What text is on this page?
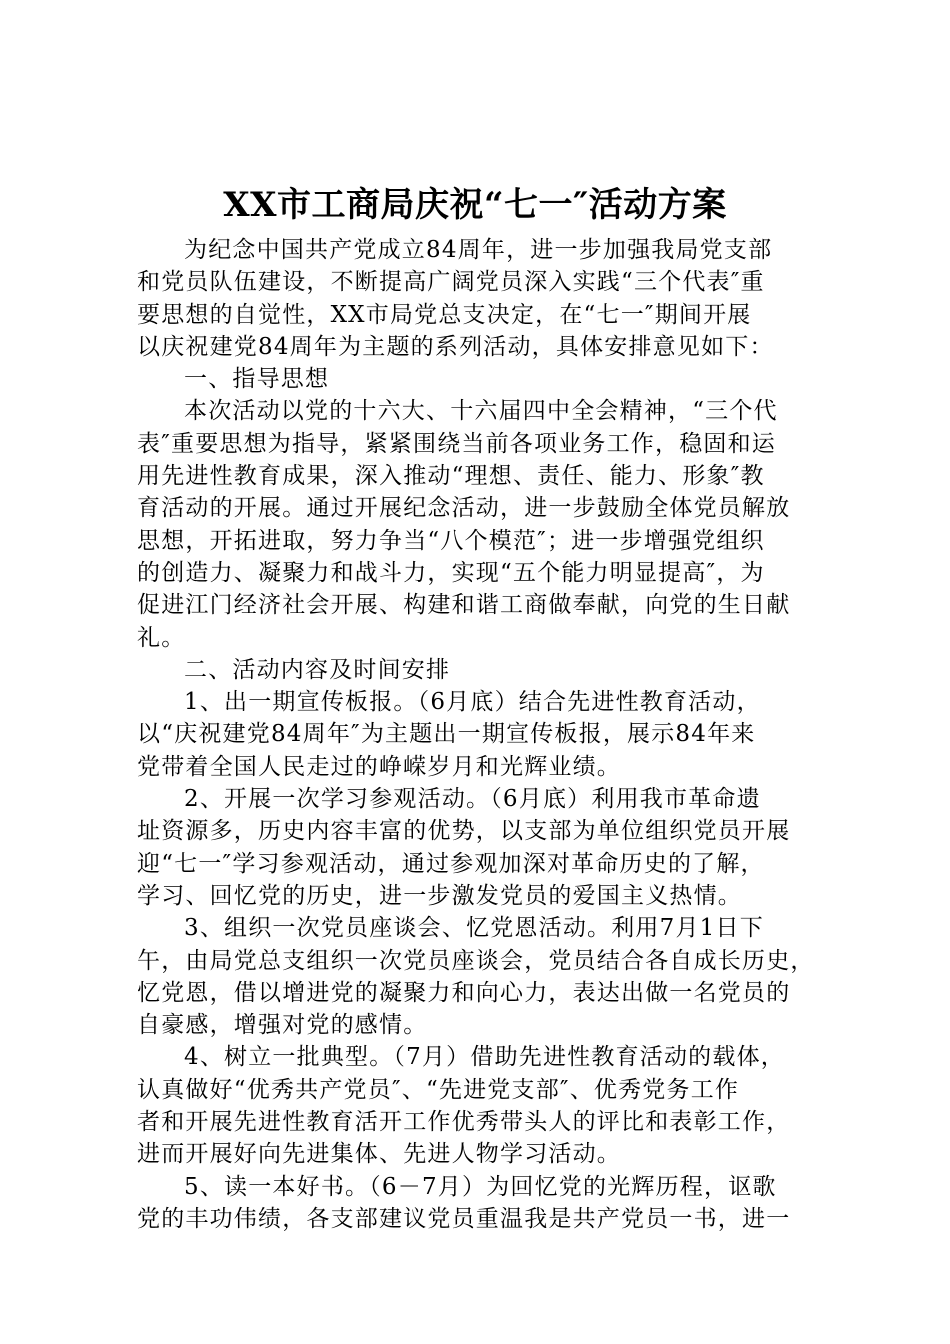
XX市工商局庆祝“七一″活动方案
为纪念中国共产党成立84周年，进一步加强我局党支部
和党员队伍建设，不断提高广阔党员深入实践“三个代表″重
要思想的自觉性，XX市局党总支决定，在“七一″期间开展
以庆祝建党84周年为主题的系列活动，具体安排意见如下：
一、指导思想
本次活动以党的十六大、十六届四中全会精神，“三个代
表″重要思想为指导，紧紧围绕当前各项业务工作，稳固和运
用先进性教育成果，深入推动“理想、责任、能力、形象″教
育活动的开展。通过开展纪念活动，进一步鼓励全体党员解放
思想，开拓进取，努力争当“八个模范″；进一步增强党组织
的创造力、凝聚力和战斗力，实现“五个能力明显提高″，为
促进江门经济社会开展、构建和谐工商做奉献，向党的生日献
礼。
二、活动内容及时间安排
1、出一期宣传板报。（6月底）结合先进性教育活动，
以“庆祝建党84周年″为主题出一期宣传板报，展示84年来
党带着全国人民走过的峥嵘岁月和光辉业绩。
2、开展一次学习参观活动。（6月底）利用我市革命遗
址资源多，历史内容丰富的优势，以支部为单位组织党员开展
迎“七一″学习参观活动，通过参观加深对革命历史的了解，
学习、回忆党的历史，进一步激发党员的爱国主义热情。
3、组织一次党员座谈会、忆党恩活动。利用7月1日下
午，由局党总支组织一次党员座谈会，党员结合各自成长历史，
忆党恩，借以增进党的凝聚力和向心力，表达出做一名党员的
自豪感，增强对党的感情。
4、树立一批典型。（7月）借助先进性教育活动的载体，
认真做好“优秀共产党员″、“先进党支部″、优秀党务工作
者和开展先进性教育活开工作优秀带头人的评比和表彰工作，
进而开展好向先进集体、先进人物学习活动。
5、读一本好书。（6－7月）为回忆党的光辉历程，讴歌
党的丰功伟绩，各支部建议党员重温我是共产党员一书，进一
